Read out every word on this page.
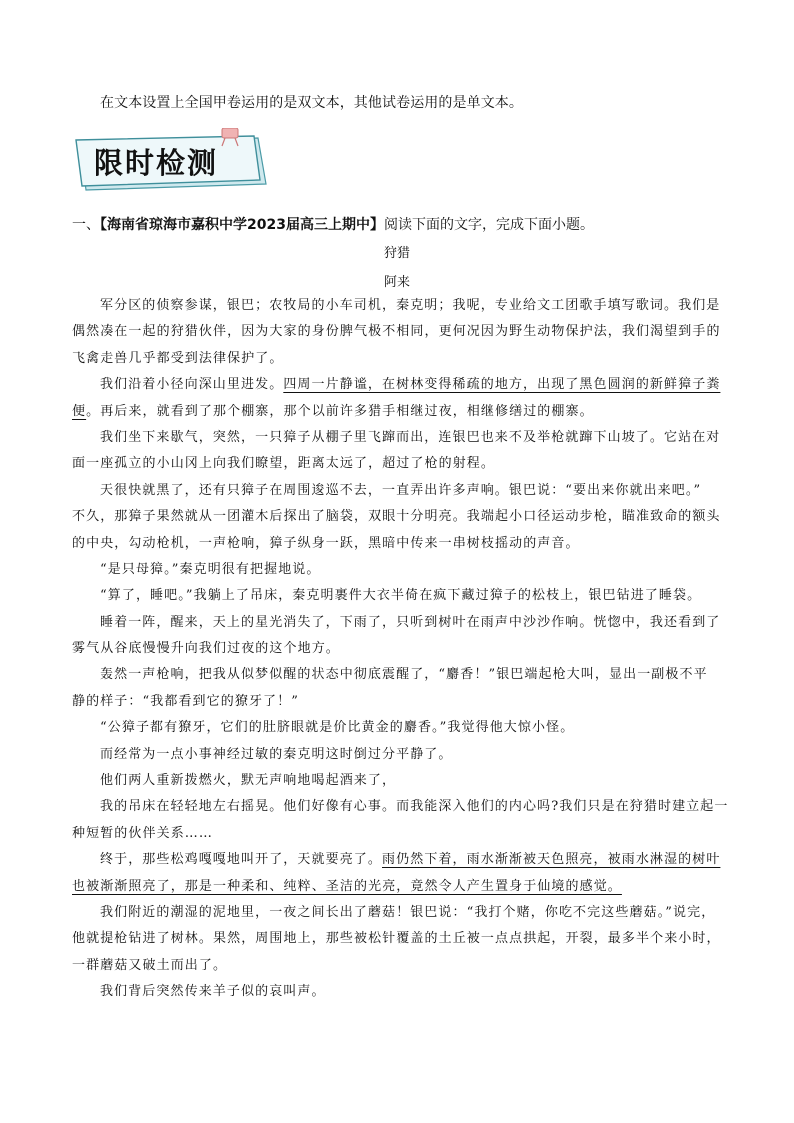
在文本设置上全国甲卷运用的是双文本，其他试卷运用的是单文本。
限时检测
一、【海南省琼海市嘉积中学2023届高三上期中】阅读下面的文字，完成下面小题。
狩猎
阿来
军分区的侦察参谋，银巴；农牧局的小车司机，秦克明；我呢，专业给文工团歌手填写歌词。我们是
偶然凑在一起的狩猎伙伴，因为大家的身份脾气极不相同，更何况因为野生动物保护法，我们渴望到手的
飞禽走兽几乎都受到法律保护了。
我们沿着小径向深山里进发。四周一片静谧，在树林变得稀疏的地方，出现了黑色圆润的新鲜獐子粪
便。再后来，就看到了那个棚寨，那个以前许多猎手相继过夜，相继修缮过的棚寨。
我们坐下来歇气，突然，一只獐子从棚子里飞蹿而出，连银巴也来不及举枪就蹿下山坡了。它站在对
面一座孤立的小山冈上向我们瞭望，距离太远了，超过了枪的射程。
天很快就黑了，还有只獐子在周围逡巡不去，一直弄出许多声响。银巴说：“要出来你就出来吧。”
不久，那獐子果然就从一团灌木后探出了脑袋，双眼十分明亮。我端起小口径运动步枪，瞄准致命的额头
的中央，勾动枪机，一声枪响，獐子纵身一跃，黑暗中传来一串树枝摇动的声音。
“是只母獐。”秦克明很有把握地说。
“算了，睡吧。”我躺上了吊床，秦克明裹件大衣半倚在疯下藏过獐子的松枝上，银巴钻进了睡袋。
睡着一阵，醒来，天上的星光消失了，下雨了，只听到树叶在雨声中沙沙作响。恍惚中，我还看到了
雾气从谷底慢慢升向我们过夜的这个地方。
轰然一声枪响，把我从似梦似醒的状态中彻底震醒了，“麝香！”银巴端起枪大叫，显出一副极不平
静的样子：“我都看到它的獠牙了！”
“公獐子都有獠牙，它们的肚脐眼就是价比黄金的麝香。”我觉得他大惊小怪。
而经常为一点小事神经过敏的秦克明这时倒过分平静了。
他们两人重新拨燃火，默无声响地喝起酒来了，
我的吊床在轻轻地左右摇晃。他们好像有心事。而我能深入他们的内心吗?我们只是在狩猎时建立起一
种短暂的伙伴关系……
终于，那些松鸡嘎嘎地叫开了，天就要亮了。雨仍然下着，雨水渐渐被天色照亮，被雨水淋湿的树叶
也被渐渐照亮了，那是一种柔和、纯粹、圣洁的光亮，竟然令人产生置身于仙境的感觉。
我们附近的潮湿的泥地里，一夜之间长出了蘑菇！银巴说：“我打个赌，你吃不完这些蘑菇。”说完，
他就提枪钻进了树林。果然，周围地上，那些被松针覆盖的土丘被一点点拱起，开裂，最多半个来小时，
一群蘑菇又破土而出了。
我们背后突然传来羊子似的哀叫声。
